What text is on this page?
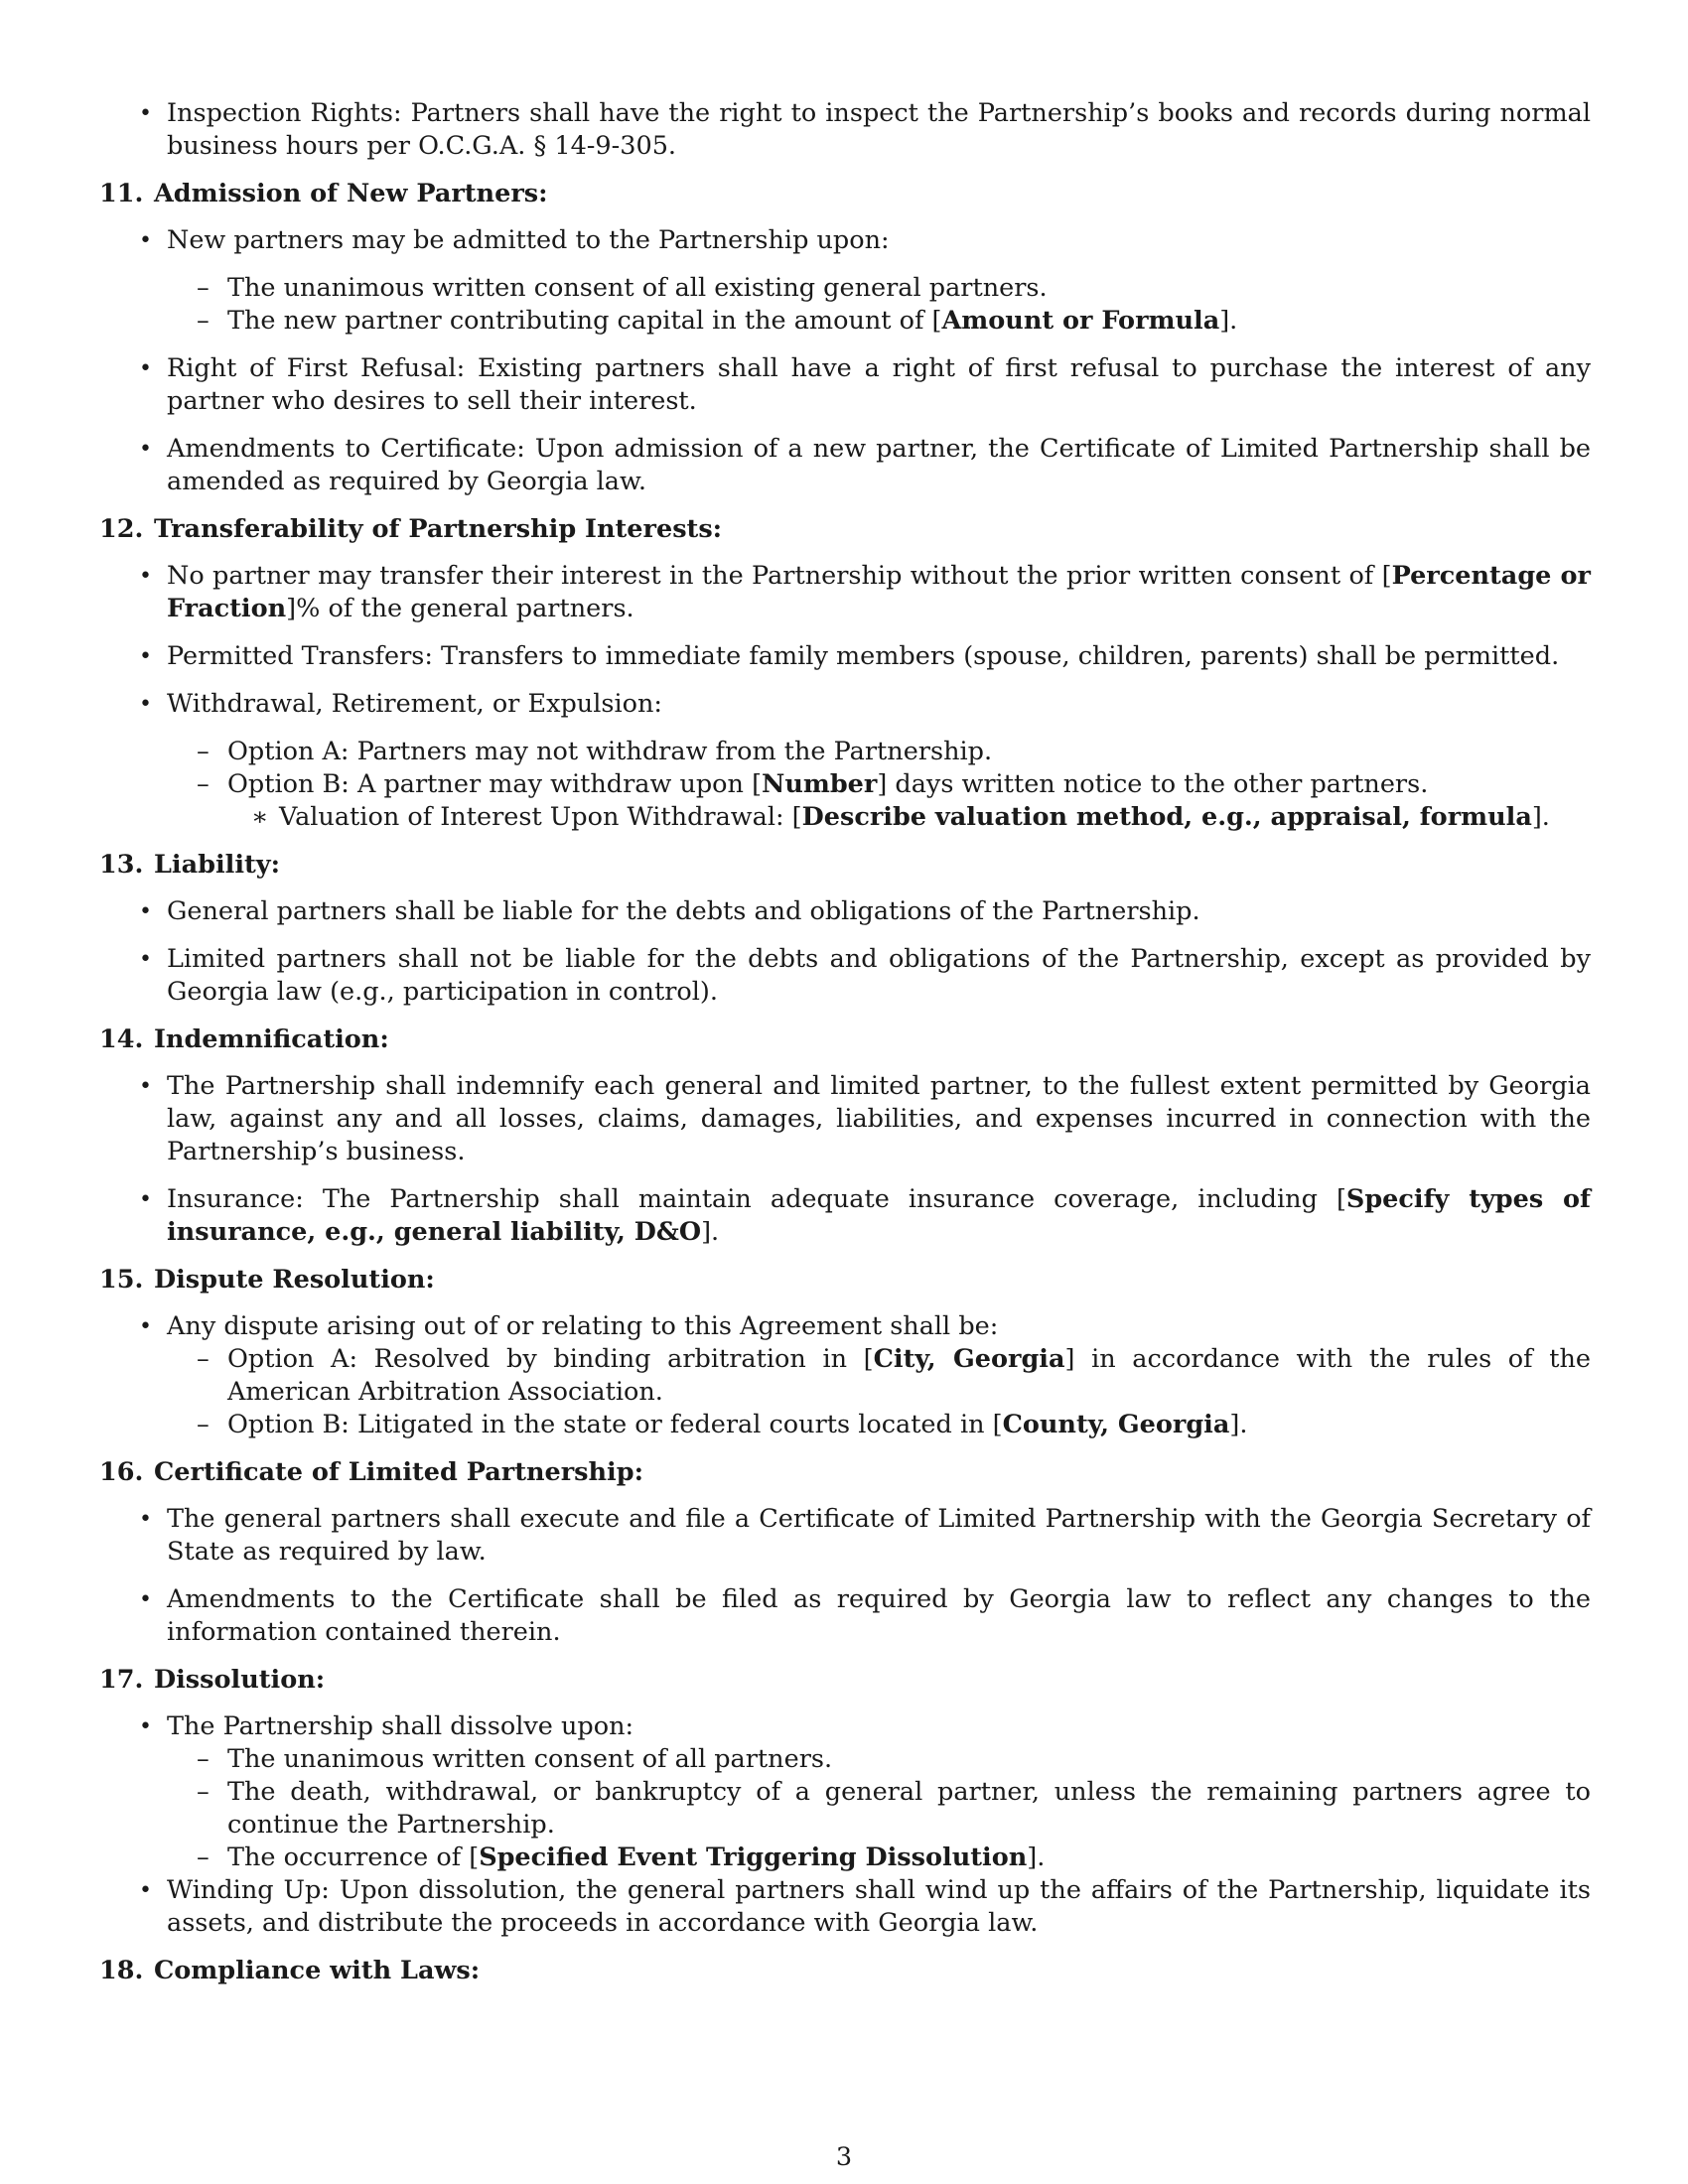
• Inspection Rights: Partners shall have the right to inspect the Partnership’s books and records during normal business hours per O.C.G.A. § 14-9-305.
11. Admission of New Partners:
• New partners may be admitted to the Partnership upon:
– The unanimous written consent of all existing general partners.
– The new partner contributing capital in the amount of [Amount or Formula].
• Right of First Refusal: Existing partners shall have a right of first refusal to purchase the interest of any partner who desires to sell their interest.
• Amendments to Certificate: Upon admission of a new partner, the Certificate of Limited Partnership shall be amended as required by Georgia law.
12. Transferability of Partnership Interests:
• No partner may transfer their interest in the Partnership without the prior written consent of [Percentage or Fraction]% of the general partners.
• Permitted Transfers: Transfers to immediate family members (spouse, children, parents) shall be permitted.
• Withdrawal, Retirement, or Expulsion:
– Option A: Partners may not withdraw from the Partnership.
– Option B: A partner may withdraw upon [Number] days written notice to the other partners.
∗ Valuation of Interest Upon Withdrawal: [Describe valuation method, e.g., appraisal, formula].
13. Liability:
• General partners shall be liable for the debts and obligations of the Partnership.
• Limited partners shall not be liable for the debts and obligations of the Partnership, except as provided by Georgia law (e.g., participation in control).
14. Indemnification:
• The Partnership shall indemnify each general and limited partner, to the fullest extent permitted by Georgia law, against any and all losses, claims, damages, liabilities, and expenses incurred in connection with the Partnership’s business.
• Insurance: The Partnership shall maintain adequate insurance coverage, including [Specify types of insurance, e.g., general liability, D&O].
15. Dispute Resolution:
• Any dispute arising out of or relating to this Agreement shall be:
– Option A: Resolved by binding arbitration in [City, Georgia] in accordance with the rules of the American Arbitration Association.
– Option B: Litigated in the state or federal courts located in [County, Georgia].
16. Certificate of Limited Partnership:
• The general partners shall execute and file a Certificate of Limited Partnership with the Georgia Secretary of State as required by law.
• Amendments to the Certificate shall be filed as required by Georgia law to reflect any changes to the information contained therein.
17. Dissolution:
• The Partnership shall dissolve upon:
– The unanimous written consent of all partners.
– The death, withdrawal, or bankruptcy of a general partner, unless the remaining partners agree to continue the Partnership.
– The occurrence of [Specified Event Triggering Dissolution].
• Winding Up: Upon dissolution, the general partners shall wind up the affairs of the Partnership, liquidate its assets, and distribute the proceeds in accordance with Georgia law.
18. Compliance with Laws:
3
